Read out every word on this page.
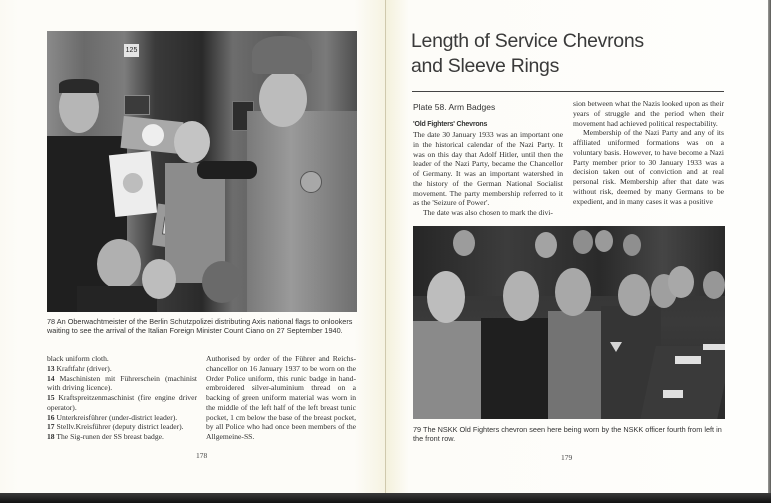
125
78 An Oberwachtmeister of the Berlin Schutzpolizei distributing Axis national flags to onlookers waiting to see the arrival of the Italian Foreign Minister Count Ciano on 27 September 1940.

black uniform cloth.

13 Kraftfahr (driver).

14 Maschinisten mit Führerschein (machinist with driving licence).

15 Kraftspreitzenmaschinist (fire engine driver operator).

16 Unterkreisführer (under-district leader).

17 Stellv.Kreisführer (deputy district leader).

18 The Sig-runen der SS breast badge.

Authorised by order of the Führer and Reichs-chancellor on 16 January 1937 to be worn on the Order Police uniform, this runic badge in hand-embroidered silver-aluminium thread on a backing of green uniform material was worn in the middle of the left half of the left breast tunic pocket, 1 cm below the base of the breast pocket, by all Police who had once been members of the Allgemeine-SS.

178
Length of Service Chevrons
and Sleeve Rings
Plate 58. Arm Badges
'Old Fighters' Chevrons

The date 30 January 1933 was an important one in the historical calendar of the Nazi Party. It was on this day that Adolf Hitler, until then the leader of the Nazi Party, became the Chancellor of Germany. It was an important watershed in the history of the German National Socialist movement. The party membership referred to it as the 'Seizure of Power'.

The date was also chosen to mark the divi-

sion between what the Nazis looked upon as their years of struggle and the period when their movement had achieved political respectability.

Membership of the Nazi Party and any of its affiliated uniformed formations was on a voluntary basis. However, to have become a Nazi Party member prior to 30 January 1933 was a decision taken out of conviction and at real personal risk. Membership after that date was without risk, deemed by many Germans to be expedient, and in many cases it was a positive

79 The NSKK Old Fighters chevron seen here being worn by the NSKK officer fourth from left in the front row.
179
